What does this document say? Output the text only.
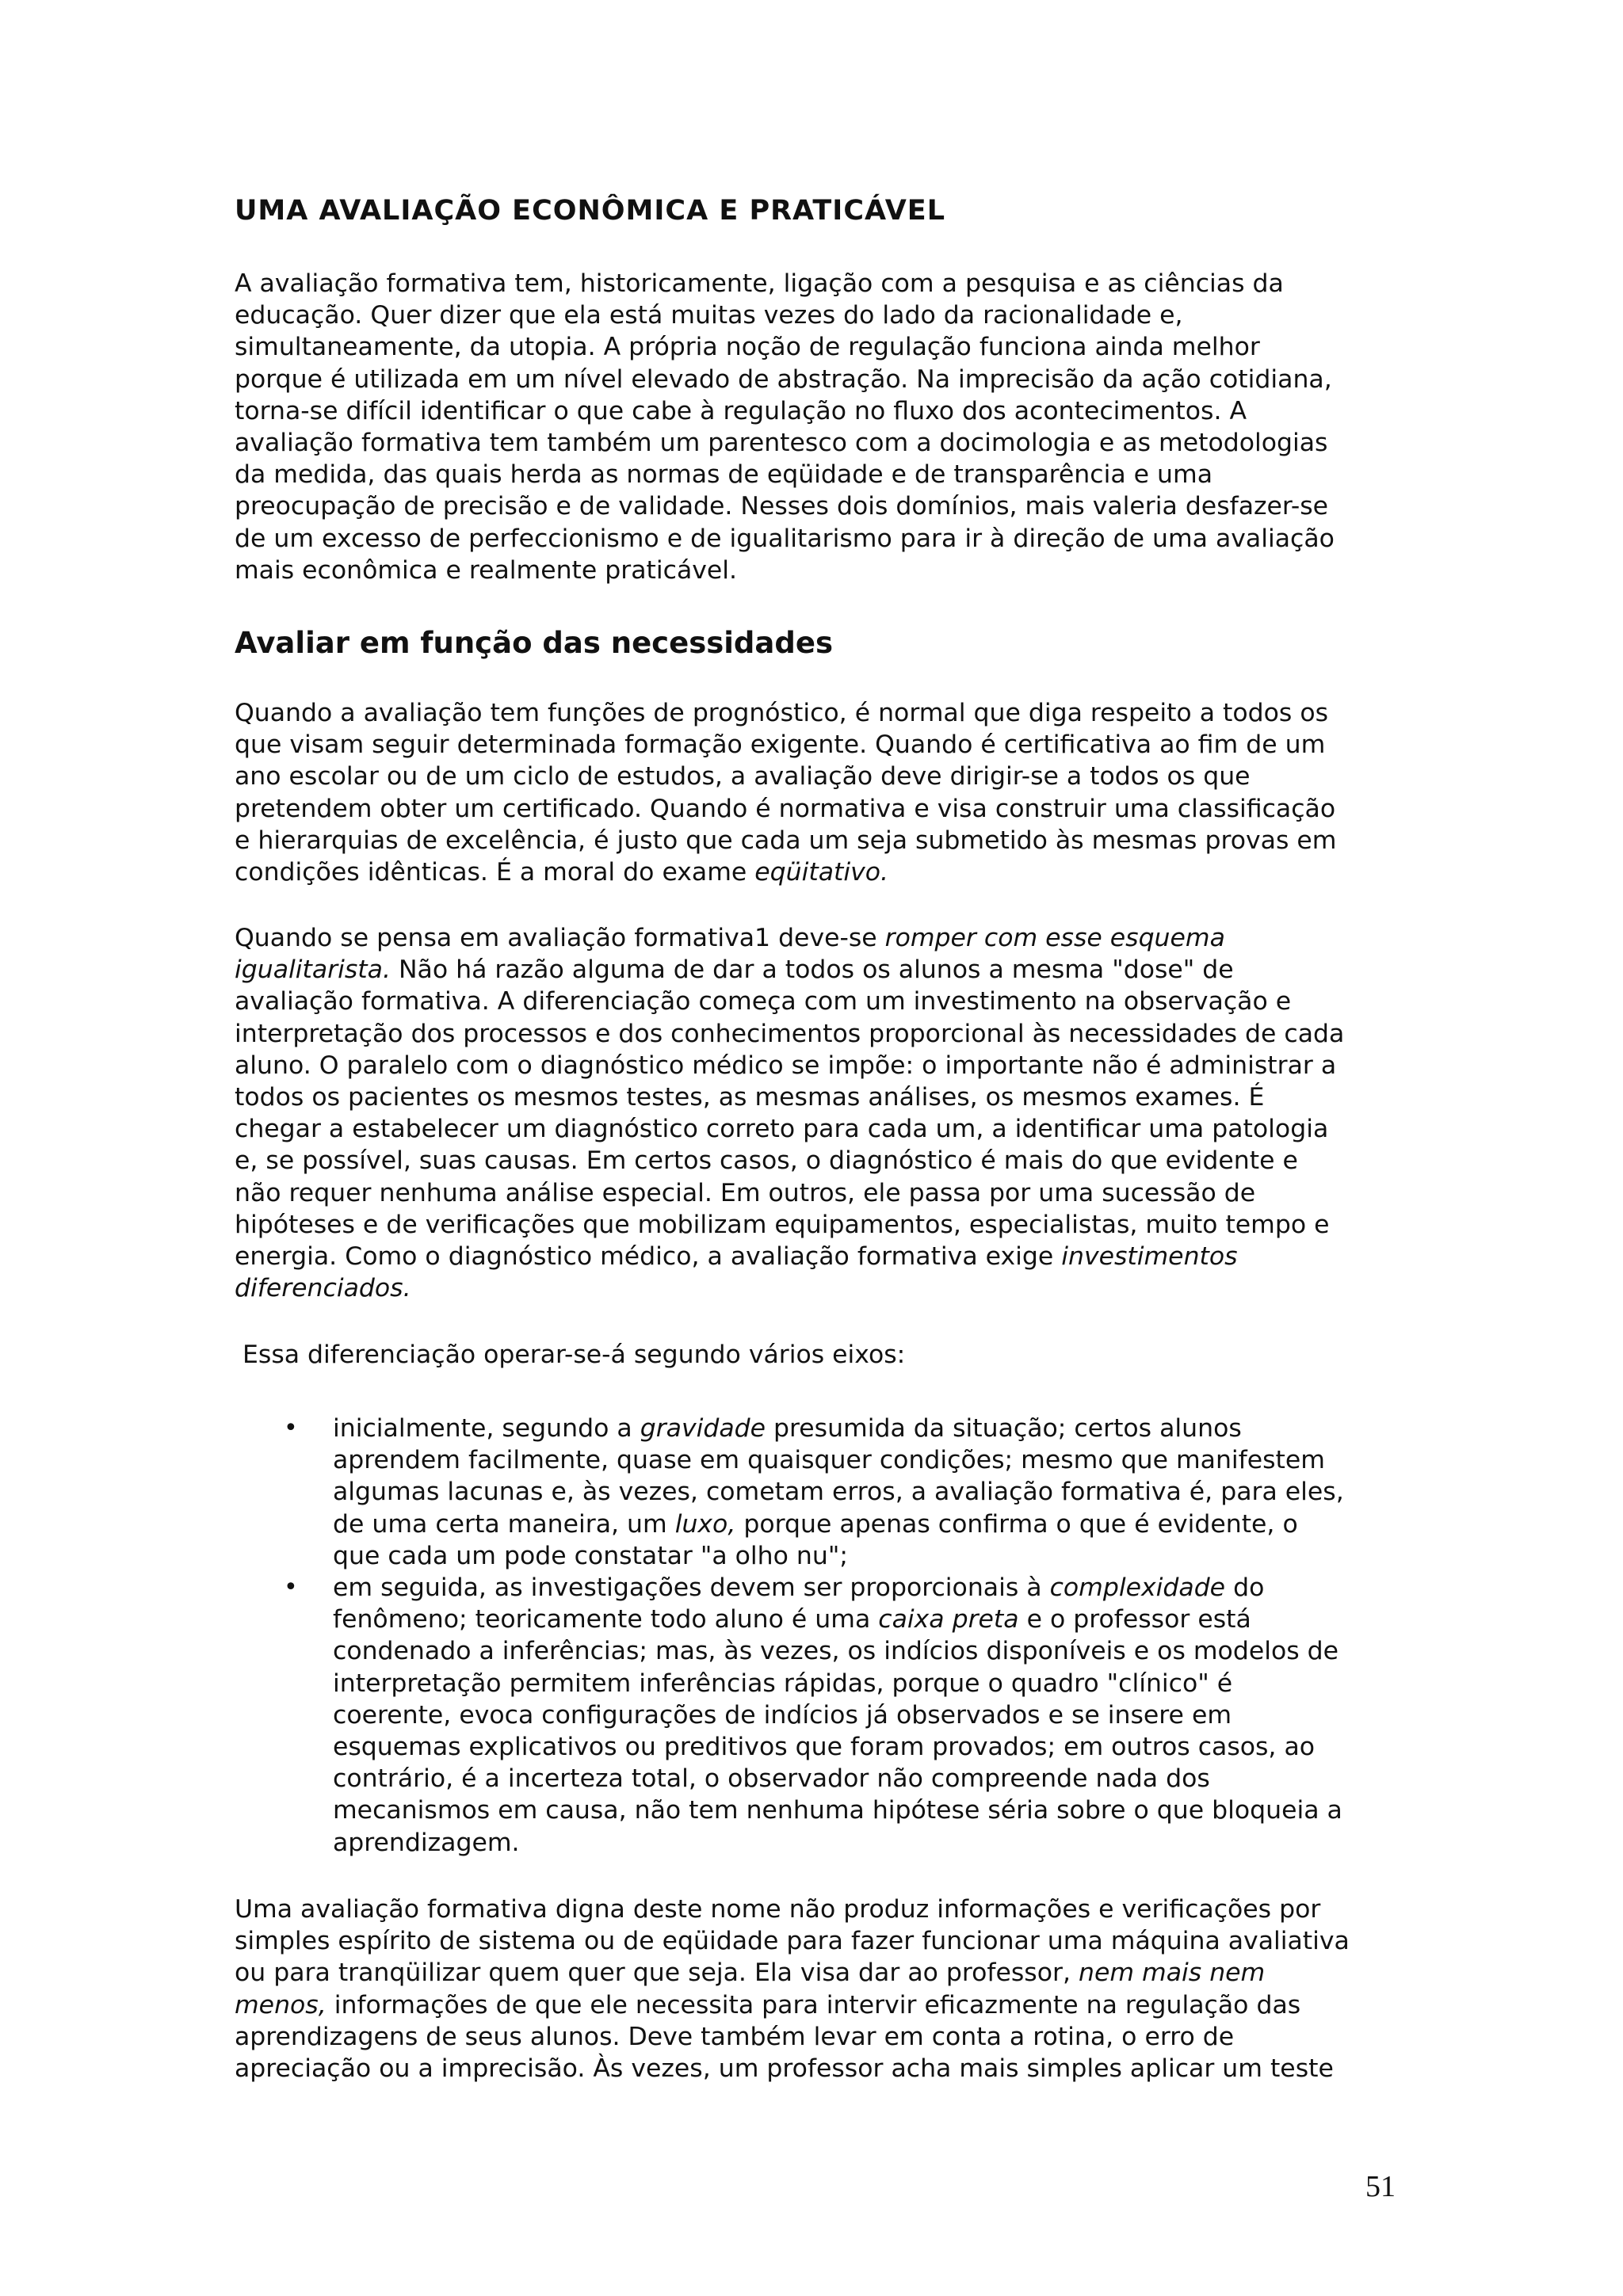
UMA AVALIAÇÃO ECONÔMICA E PRATICÁVEL

A avaliação formativa tem, historicamente, ligação com a pesquisa e as ciências da
educação. Quer dizer que ela está muitas vezes do lado da racionalidade e,
simultaneamente, da utopia. A própria noção de regulação funciona ainda melhor
porque é utilizada em um nível elevado de abstração. Na imprecisão da ação cotidiana,
torna-se difícil identificar o que cabe à regulação no fluxo dos acontecimentos. A
avaliação formativa tem também um parentesco com a docimologia e as metodologias
da medida, das quais herda as normas de eqüidade e de transparência e uma
preocupação de precisão e de validade. Nesses dois domínios, mais valeria desfazer-se
de um excesso de perfeccionismo e de igualitarismo para ir à direção de uma avaliação
mais econômica e realmente praticável.

Avaliar em função das necessidades

Quando a avaliação tem funções de prognóstico, é normal que diga respeito a todos os
que visam seguir determinada formação exigente. Quando é certificativa ao fim de um
ano escolar ou de um ciclo de estudos, a avaliação deve dirigir-se a todos os que
pretendem obter um certificado. Quando é normativa e visa construir uma classificação
e hierarquias de excelência, é justo que cada um seja submetido às mesmas provas em
condições idênticas. É a moral do exame eqüitativo.

Quando se pensa em avaliação formativa1 deve-se romper com esse esquema
igualitarista. Não há razão alguma de dar a todos os alunos a mesma "dose" de
avaliação formativa. A diferenciação começa com um investimento na observação e
interpretação dos processos e dos conhecimentos proporcional às necessidades de cada
aluno. O paralelo com o diagnóstico médico se impõe: o importante não é administrar a
todos os pacientes os mesmos testes, as mesmas análises, os mesmos exames. É
chegar a estabelecer um diagnóstico correto para cada um, a identificar uma patologia
e, se possível, suas causas. Em certos casos, o diagnóstico é mais do que evidente e
não requer nenhuma análise especial. Em outros, ele passa por uma sucessão de
hipóteses e de verificações que mobilizam equipamentos, especialistas, muito tempo e
energia. Como o diagnóstico médico, a avaliação formativa exige investimentos
diferenciados.

Essa diferenciação operar-se-á segundo vários eixos:

• inicialmente, segundo a gravidade presumida da situação; certos alunos
aprendem facilmente, quase em quaisquer condições; mesmo que manifestem
algumas lacunas e, às vezes, cometam erros, a avaliação formativa é, para eles,
de uma certa maneira, um luxo, porque apenas confirma o que é evidente, o
que cada um pode constatar "a olho nu";
• em seguida, as investigações devem ser proporcionais à complexidade do
fenômeno; teoricamente todo aluno é uma caixa preta e o professor está
condenado a inferências; mas, às vezes, os indícios disponíveis e os modelos de
interpretação permitem inferências rápidas, porque o quadro "clínico" é
coerente, evoca configurações de indícios já observados e se insere em
esquemas explicativos ou preditivos que foram provados; em outros casos, ao
contrário, é a incerteza total, o observador não compreende nada dos
mecanismos em causa, não tem nenhuma hipótese séria sobre o que bloqueia a
aprendizagem.

Uma avaliação formativa digna deste nome não produz informações e verificações por
simples espírito de sistema ou de eqüidade para fazer funcionar uma máquina avaliativa
ou para tranqüilizar quem quer que seja. Ela visa dar ao professor, nem mais nem
menos, informações de que ele necessita para intervir eficazmente na regulação das
aprendizagens de seus alunos. Deve também levar em conta a rotina, o erro de
apreciação ou a imprecisão. Às vezes, um professor acha mais simples aplicar um teste

51
